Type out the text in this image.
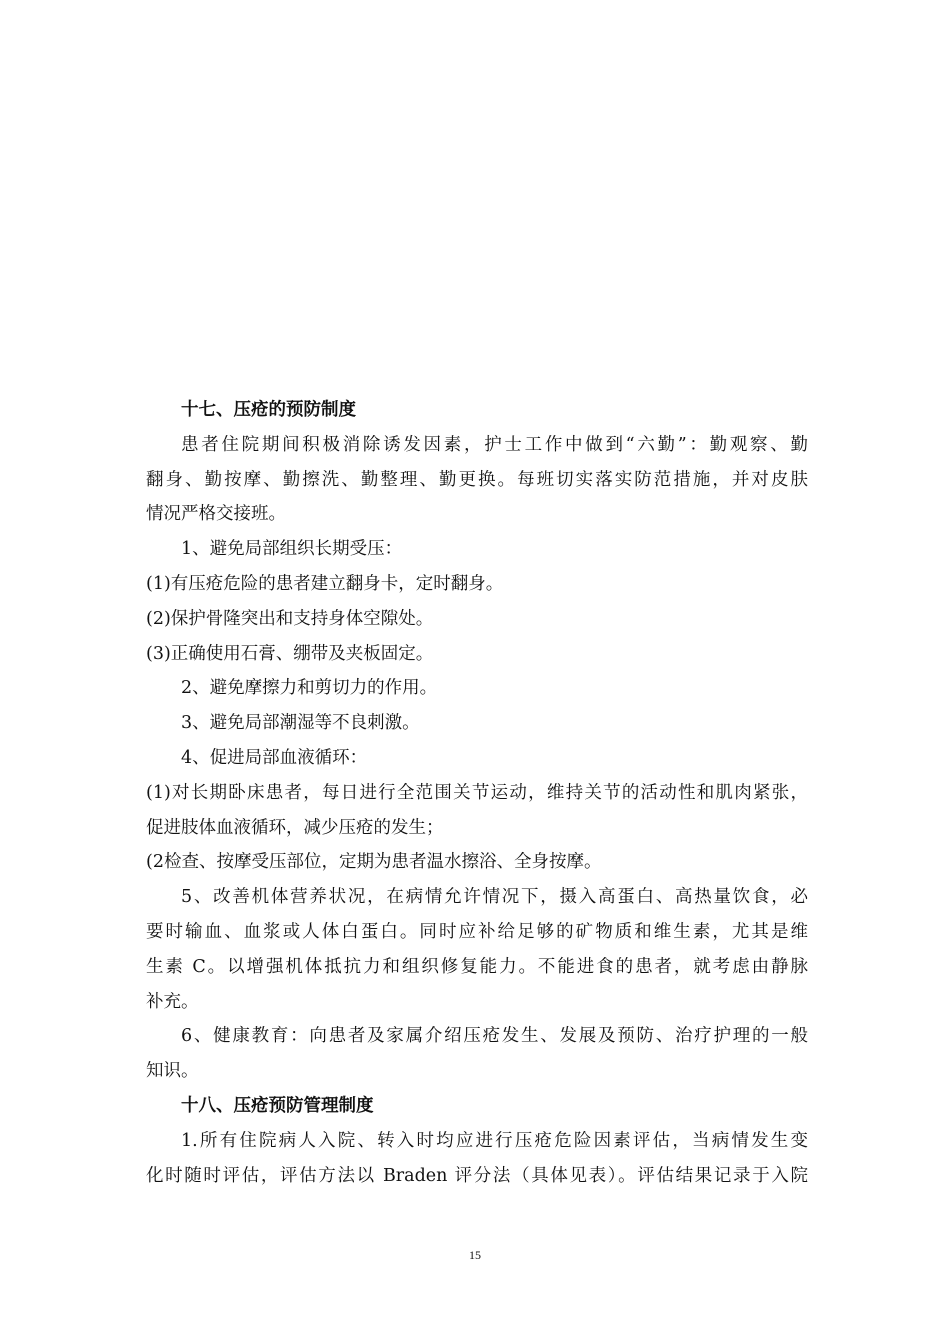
十七、压疮的预防制度
患者住院期间积极消除诱发因素，护士工作中做到“六勤”：勤观察、勤
翻身、勤按摩、勤擦洗、勤整理、勤更换。每班切实落实防范措施，并对皮肤
情况严格交接班。
1、避免局部组织长期受压：
(1)有压疮危险的患者建立翻身卡，定时翻身。
(2)保护骨隆突出和支持身体空隙处。
(3)正确使用石膏、绷带及夹板固定。
2、避免摩擦力和剪切力的作用。
3、避免局部潮湿等不良刺激。
4、促进局部血液循环：
(1)对长期卧床患者，每日进行全范围关节运动，维持关节的活动性和肌肉紧张，
促进肢体血液循环，减少压疮的发生；
(2检查、按摩受压部位，定期为患者温水擦浴、全身按摩。
5、改善机体营养状况，在病情允许情况下，摄入高蛋白、高热量饮食，必
要时输血、血浆或人体白蛋白。同时应补给足够的矿物质和维生素，尤其是维
生素 C。以增强机体抵抗力和组织修复能力。不能进食的患者，就考虑由静脉
补充。
6、健康教育：向患者及家属介绍压疮发生、发展及预防、治疗护理的一般
知识。
十八、压疮预防管理制度
1.所有住院病人入院、转入时均应进行压疮危险因素评估，当病情发生变
化时随时评估，评估方法以 Braden 评分法（具体见表）。评估结果记录于入院
15
